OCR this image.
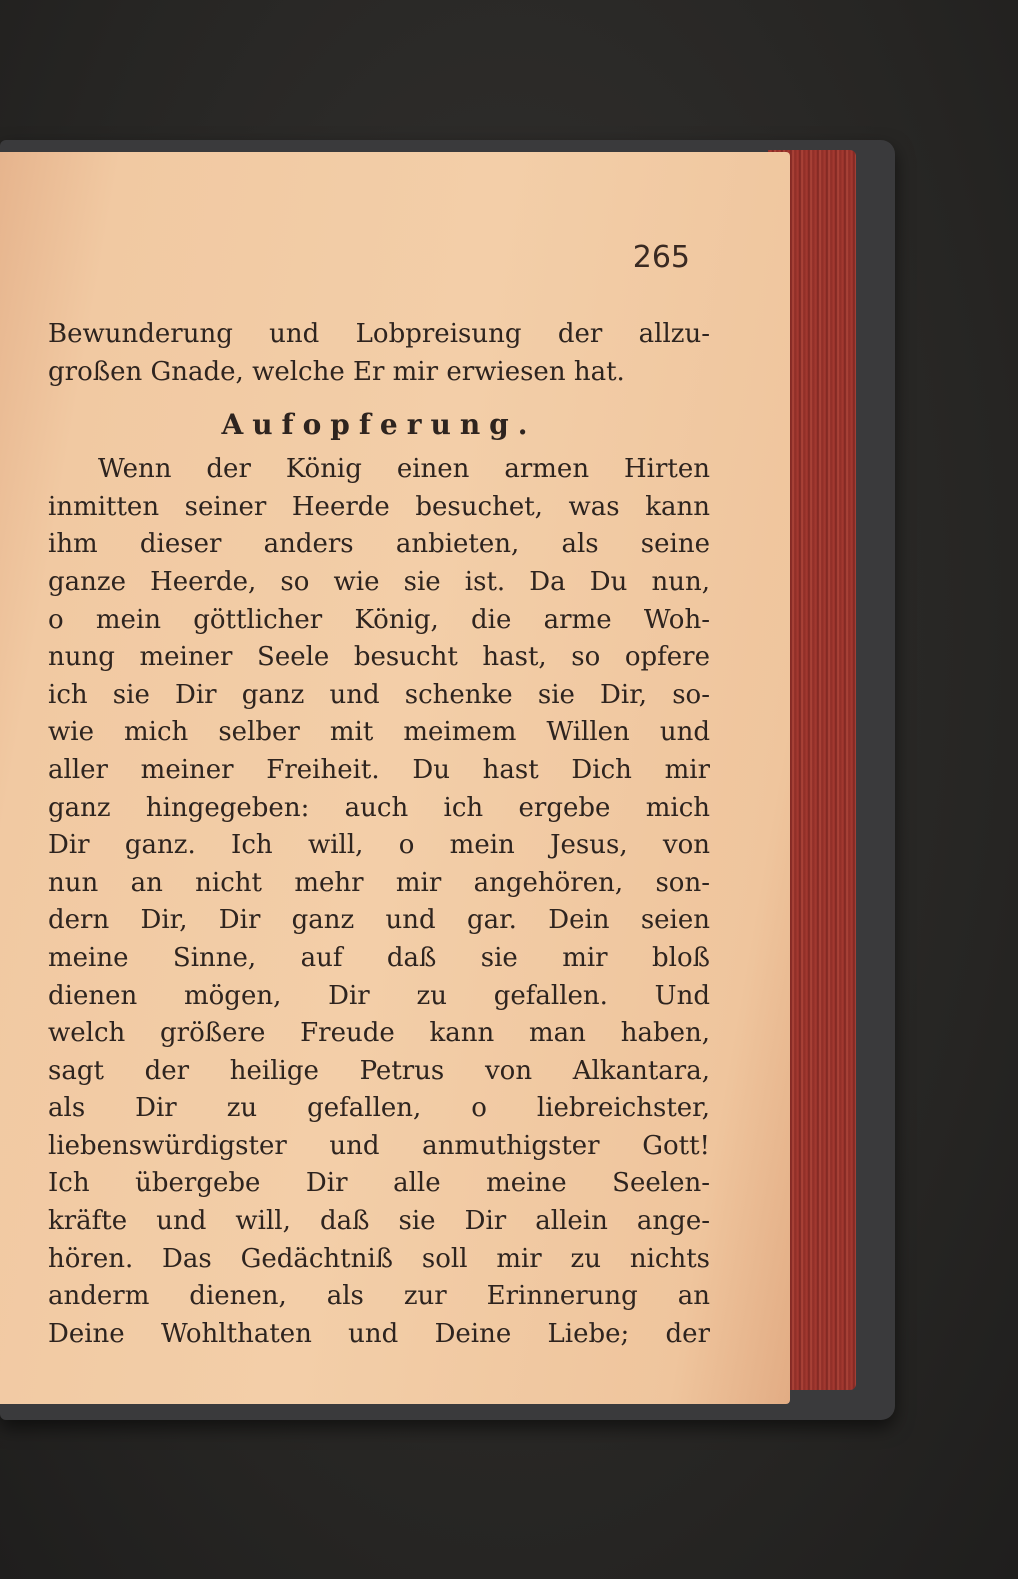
265
Bewunderung und Lobpreisung der allzu-
großen Gnade, welche Er mir erwiesen hat.
Aufopferung.
Wenn der König einen armen Hirten
inmitten seiner Heerde besuchet, was kann
ihm dieser anders anbieten, als seine
ganze Heerde, so wie sie ist. Da Du nun,
o mein göttlicher König, die arme Woh-
nung meiner Seele besucht hast, so opfere
ich sie Dir ganz und schenke sie Dir, so-
wie mich selber mit meimem Willen und
aller meiner Freiheit. Du hast Dich mir
ganz hingegeben: auch ich ergebe mich
Dir ganz. Ich will, o mein Jesus, von
nun an nicht mehr mir angehören, son-
dern Dir, Dir ganz und gar. Dein seien
meine Sinne, auf daß sie mir bloß
dienen mögen, Dir zu gefallen. Und
welch größere Freude kann man haben,
sagt der heilige Petrus von Alkantara,
als Dir zu gefallen, o liebreichster,
liebenswürdigster und anmuthigster Gott!
Ich übergebe Dir alle meine Seelen-
kräfte und will, daß sie Dir allein ange-
hören. Das Gedächtniß soll mir zu nichts
anderm dienen, als zur Erinnerung an
Deine Wohlthaten und Deine Liebe; der
